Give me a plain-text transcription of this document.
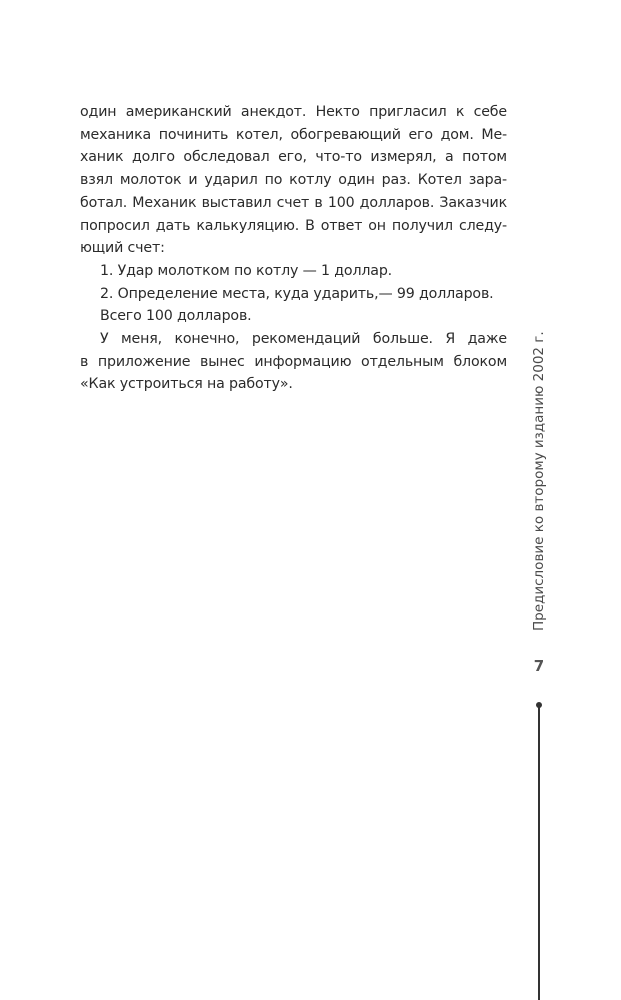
один американский анекдот. Некто пригласил к себе
механика починить котел, обогревающий его дом. Ме-
ханик долго обследовал его, что-то измерял, а потом
взял молоток и ударил по котлу один раз. Котел зара-
ботал. Механик выставил счет в 100 долларов. Заказчик
попросил дать калькуляцию. В ответ он получил следу-
ющий счет:

1. Удар молотком по котлу — 1 доллар.

2. Определение места, куда ударить,— 99 долларов.

Всего 100 долларов.

У меня, конечно, рекомендаций больше. Я даже
в приложение вынес информацию отдельным блоком
«Как устроиться на работу».	Предисловие ко второму изданию 2002 г.
7
